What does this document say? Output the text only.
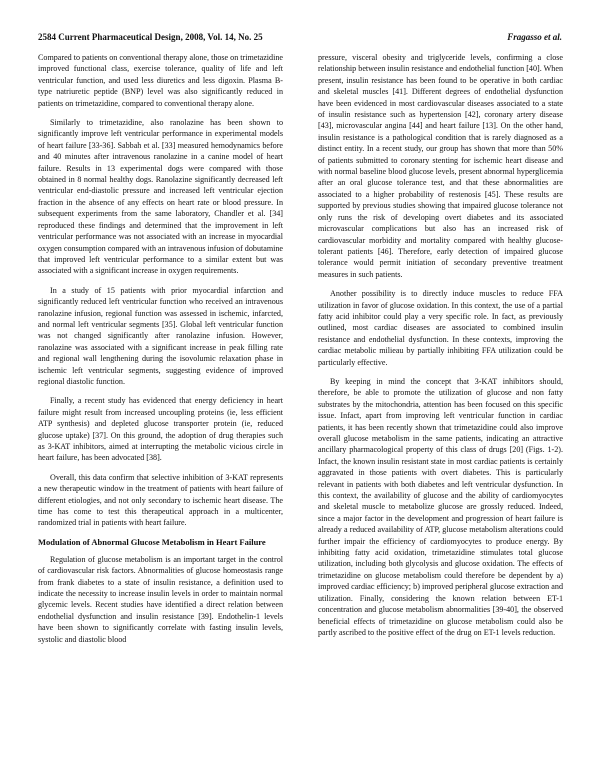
2584 Current Pharmaceutical Design, 2008, Vol. 14, No. 25	Fragasso et al.

Compared to patients on conventional therapy alone, those on trimetazidine improved functional class, exercise tolerance, quality of life and left ventricular function, and used less diuretics and less digoxin. Plasma B-type natriuretic peptide (BNP) level was also significantly reduced in patients on trimetazidine, compared to conventional therapy alone.

Similarly to trimetazidine, also ranolazine has been shown to significantly improve left ventricular performance in experimental models of heart failure [33-36]. Sabbah et al. [33] measured hemodynamics before and 40 minutes after intravenous ranolazine in a canine model of heart failure. Results in 13 experimental dogs were compared with those obtained in 8 normal healthy dogs. Ranolazine significantly decreased left ventricular end-diastolic pressure and increased left ventricular ejection fraction in the absence of any effects on heart rate or blood pressure. In subsequent experiments from the same laboratory, Chandler et al. [34] reproduced these findings and determined that the improvement in left ventricular performance was not associated with an increase in myocardial oxygen consumption compared with an intravenous infusion of dobutamine that improved left ventricular performance to a similar extent but was associated with a significant increase in oxygen requirements.

In a study of 15 patients with prior myocardial infarction and significantly reduced left ventricular function who received an intravenous ranolazine infusion, regional function was assessed in ischemic, infarcted, and normal left ventricular segments [35]. Global left ventricular function was not changed significantly after ranolazine infusion. However, ranolazine was associated with a significant increase in peak filling rate and regional wall lengthening during the isovolumic relaxation phase in ischemic left ventricular segments, suggesting evidence of improved regional diastolic function.

Finally, a recent study has evidenced that energy deficiency in heart failure might result from increased uncoupling proteins (ie, less efficient ATP synthesis) and depleted glucose transporter protein (ie, reduced glucose uptake) [37]. On this ground, the adoption of drug therapies such as 3-KAT inhibitors, aimed at interrupting the metabolic vicious circle in heart failure, has been advocated [38].

Overall, this data confirm that selective inhibition of 3-KAT represents a new therapeutic window in the treatment of patients with heart failure of different etiologies, and not only secondary to ischemic heart disease. The time has come to test this therapeutical approach in a multicenter, randomized trial in patients with heart failure.

Modulation of Abnormal Glucose Metabolism in Heart Failure

Regulation of glucose metabolism is an important target in the control of cardiovascular risk factors. Abnormalities of glucose homeostasis range from frank diabetes to a state of insulin resistance, a definition used to indicate the necessity to increase insulin levels in order to maintain normal glycemic levels. Recent studies have identified a direct relation between endothelial dysfunction and insulin resistance [39]. Endothelin-1 levels have been shown to significantly correlate with fasting insulin levels, systolic and diastolic blood

pressure, visceral obesity and triglyceride levels, confirming a close relationship between insulin resistance and endothelial function [40]. When present, insulin resistance has been found to be operative in both cardiac and skeletal muscles [41]. Different degrees of endothelial dysfunction have been evidenced in most cardiovascular diseases associated to a state of insulin resistance such as hypertension [42], coronary artery disease [43], microvascular angina [44] and heart failure [13]. On the other hand, insulin resistance is a pathological condition that is rarely diagnosed as a distinct entity. In a recent study, our group has shown that more than 50% of patients submitted to coronary stenting for ischemic heart disease and with normal baseline blood glucose levels, present abnormal hyperglicemia after an oral glucose tolerance test, and that these abnormalities are associated to a higher probability of restenosis [45]. These results are supported by previous studies showing that impaired glucose tolerance not only runs the risk of developing overt diabetes and its associated microvascular complications but also has an increased risk of cardiovascular morbidity and mortality compared with healthy glucose-tolerant patients [46]. Therefore, early detection of impaired glucose tolerance would permit initiation of secondary preventive treatment measures in such patients.

Another possibility is to directly induce muscles to reduce FFA utilization in favor of glucose oxidation. In this context, the use of a partial fatty acid inhibitor could play a very specific role. In fact, as previously outlined, most cardiac diseases are associated to combined insulin resistance and endothelial dysfunction. In these contexts, improving the cardiac metabolic milieau by partially inhibiting FFA utilization could be particularly effective.

By keeping in mind the concept that 3-KAT inhibitors should, therefore, be able to promote the utilization of glucose and non fatty substrates by the mitochondria, attention has been focused on this specific issue. Infact, apart from improving left ventricular function in cardiac patients, it has been recently shown that trimetazidine could also improve overall glucose metabolism in the same patients, indicating an attractive ancillary pharmacological property of this class of drugs [20] (Figs. 1-2). Infact, the known insulin resistant state in most cardiac patients is certainly aggravated in those patients with overt diabetes. This is particularly relevant in patients with both diabetes and left ventricular dysfunction. In this context, the availability of glucose and the ability of cardiomyocytes and skeletal muscle to metabolize glucose are grossly reduced. Indeed, since a major factor in the development and progression of heart failure is already a reduced availability of ATP, glucose metabolism alterations could further impair the efficiency of cardiomyocytes to produce energy. By inhibiting fatty acid oxidation, trimetazidine stimulates total glucose utilization, including both glycolysis and glucose oxidation. The effects of trimetazidine on glucose metabolism could therefore be dependent by a) improved cardiac efficiency; b) improved peripheral glucose extraction and utilization. Finally, considering the known relation between ET-1 concentration and glucose metabolism abnormalities [39-40], the observed beneficial effects of trimetazidine on glucose metabolism could also be partly ascribed to the positive effect of the drug on ET-1 levels reduction.
